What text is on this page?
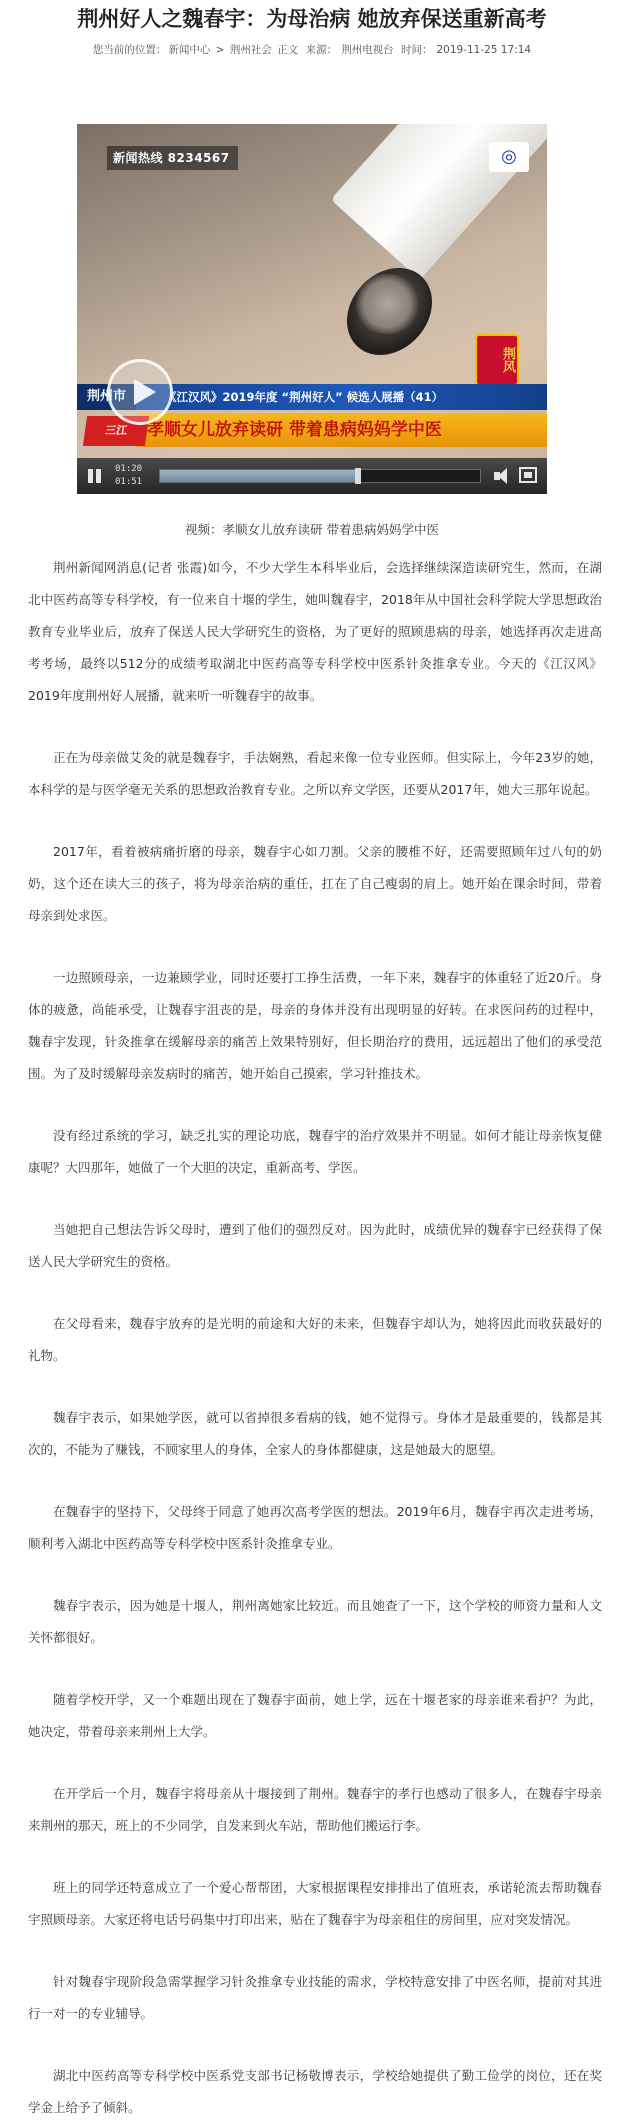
荆州好人之魏春宇：为母治病 她放弃保送重新高考
您当前的位置： 新闻中心 > 荆州社会 正文 来源： 荆州电视台 时间： 2019-11-25 17:14
新闻热线 8234567	◎
荆风
荆州市	《江汉风》2019年度 “荆州好人” 候选人展播（41）
孝顺女儿放弃读研 带着患病妈妈学中医
三江
01:20
01:51
视频：孝顺女儿放弃读研 带着患病妈妈学中医

荆州新闻网消息(记者 张霞)如今，不少大学生本科毕业后，会选择继续深造读研究生，然而，在湖北中医药高等专科学校，有一位来自十堰的学生，她叫魏春宇，2018年从中国社会科学院大学思想政治教育专业毕业后，放弃了保送人民大学研究生的资格，为了更好的照顾患病的母亲，她选择再次走进高考考场，最终以512分的成绩考取湖北中医药高等专科学校中医系针灸推拿专业。今天的《江汉风》2019年度荆州好人展播，就来听一听魏春宇的故事。

正在为母亲做艾灸的就是魏春宇，手法娴熟，看起来像一位专业医师。但实际上，今年23岁的她，本科学的是与医学毫无关系的思想政治教育专业。之所以弃文学医，还要从2017年，她大三那年说起。

2017年，看着被病痛折磨的母亲，魏春宇心如刀割。父亲的腰椎不好，还需要照顾年过八旬的奶奶，这个还在读大三的孩子，将为母亲治病的重任，扛在了自己瘦弱的肩上。她开始在课余时间，带着母亲到处求医。

一边照顾母亲，一边兼顾学业，同时还要打工挣生活费，一年下来，魏春宇的体重轻了近20斤。身体的疲惫，尚能承受，让魏春宇沮丧的是，母亲的身体并没有出现明显的好转。在求医问药的过程中，魏春宇发现，针灸推拿在缓解母亲的痛苦上效果特别好，但长期治疗的费用，远远超出了他们的承受范围。为了及时缓解母亲发病时的痛苦，她开始自己摸索，学习针推技术。

没有经过系统的学习，缺乏扎实的理论功底，魏春宇的治疗效果并不明显。如何才能让母亲恢复健康呢？大四那年，她做了一个大胆的决定，重新高考、学医。

当她把自己想法告诉父母时，遭到了他们的强烈反对。因为此时，成绩优异的魏春宇已经获得了保送人民大学研究生的资格。

在父母看来，魏春宇放弃的是光明的前途和大好的未来，但魏春宇却认为，她将因此而收获最好的礼物。

魏春宇表示，如果她学医，就可以省掉很多看病的钱，她不觉得亏。身体才是最重要的，钱都是其次的，不能为了赚钱，不顾家里人的身体，全家人的身体都健康，这是她最大的愿望。

在魏春宇的坚持下，父母终于同意了她再次高考学医的想法。2019年6月，魏春宇再次走进考场，顺利考入湖北中医药高等专科学校中医系针灸推拿专业。

魏春宇表示，因为她是十堰人，荆州离她家比较近。而且她查了一下，这个学校的师资力量和人文关怀都很好。

随着学校开学，又一个难题出现在了魏春宇面前，她上学，远在十堰老家的母亲谁来看护？为此，她决定，带着母亲来荆州上大学。

在开学后一个月，魏春宇将母亲从十堰接到了荆州。魏春宇的孝行也感动了很多人，在魏春宇母亲来荆州的那天，班上的不少同学，自发来到火车站，帮助他们搬运行李。

班上的同学还特意成立了一个爱心帮帮团，大家根据课程安排排出了值班表，承诺轮流去帮助魏春宇照顾母亲。大家还将电话号码集中打印出来，贴在了魏春宇为母亲租住的房间里，应对突发情况。

针对魏春宇现阶段急需掌握学习针灸推拿专业技能的需求，学校特意安排了中医名师，提前对其进行一对一的专业辅导。

湖北中医药高等专科学校中医系党支部书记杨敬博表示，学校给她提供了勤工俭学的岗位，还在奖学金上给予了倾斜。
